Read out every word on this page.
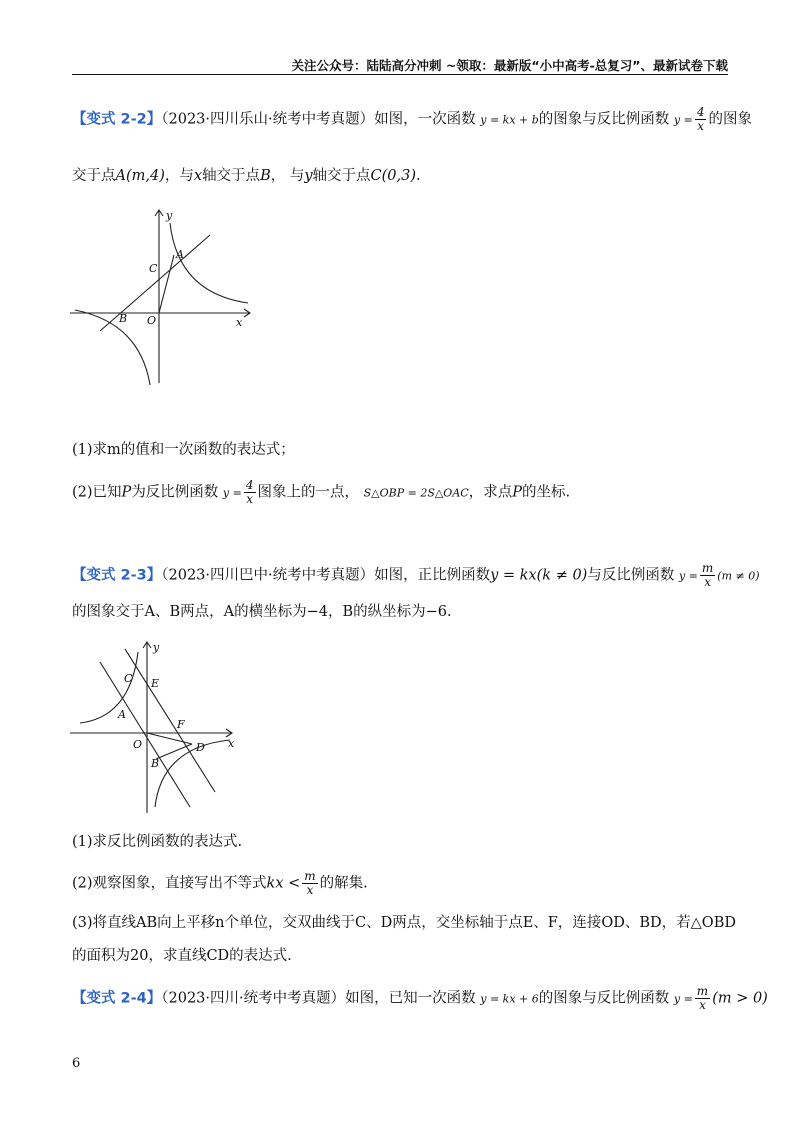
关注公众号：陆陆高分冲刺 ~领取：最新版“小中高考-总复习”、最新试卷下载
【变式 2-2】（2023·四川乐山·统考中考真题）如图，一次函数 y = kx + b的图象与反比例函数 $y = \frac{4}{x}$ 的图象
交于点A(m,4)，与x轴交于点B， 与y轴交于点C(0,3).
y
x
A
C
B O
(1)求m的值和一次函数的表达式；
(2)已知P为反比例函数 $y = \frac{4}{x}$ 图象上的一点， S△OBP = 2S△OAC，求点P的坐标.
【变式 2-3】（2023·四川巴中·统考中考真题）如图，正比例函数y = kx(k ≠ 0)与反比例函数 $y = \frac{m}{x} (m \ne 0)$
的图象交于A、B两点，A的横坐标为−4，B的纵坐标为−6.
y
x
C E
A
F
O	D
B
(1)求反比例函数的表达式.
(2)观察图象，直接写出不等式kx < $\frac{m}{x}$ 的解集.
(3)将直线AB向上平移n个单位，交双曲线于C、D两点，交坐标轴于点E、F，连接OD、BD，若△OBD
的面积为20，求直线CD的表达式.
【变式 2-4】（2023·四川·统考中考真题）如图，已知一次函数 y = kx + 6的图象与反比例函数 $y = \frac{m}{x} (m > 0)$
6
